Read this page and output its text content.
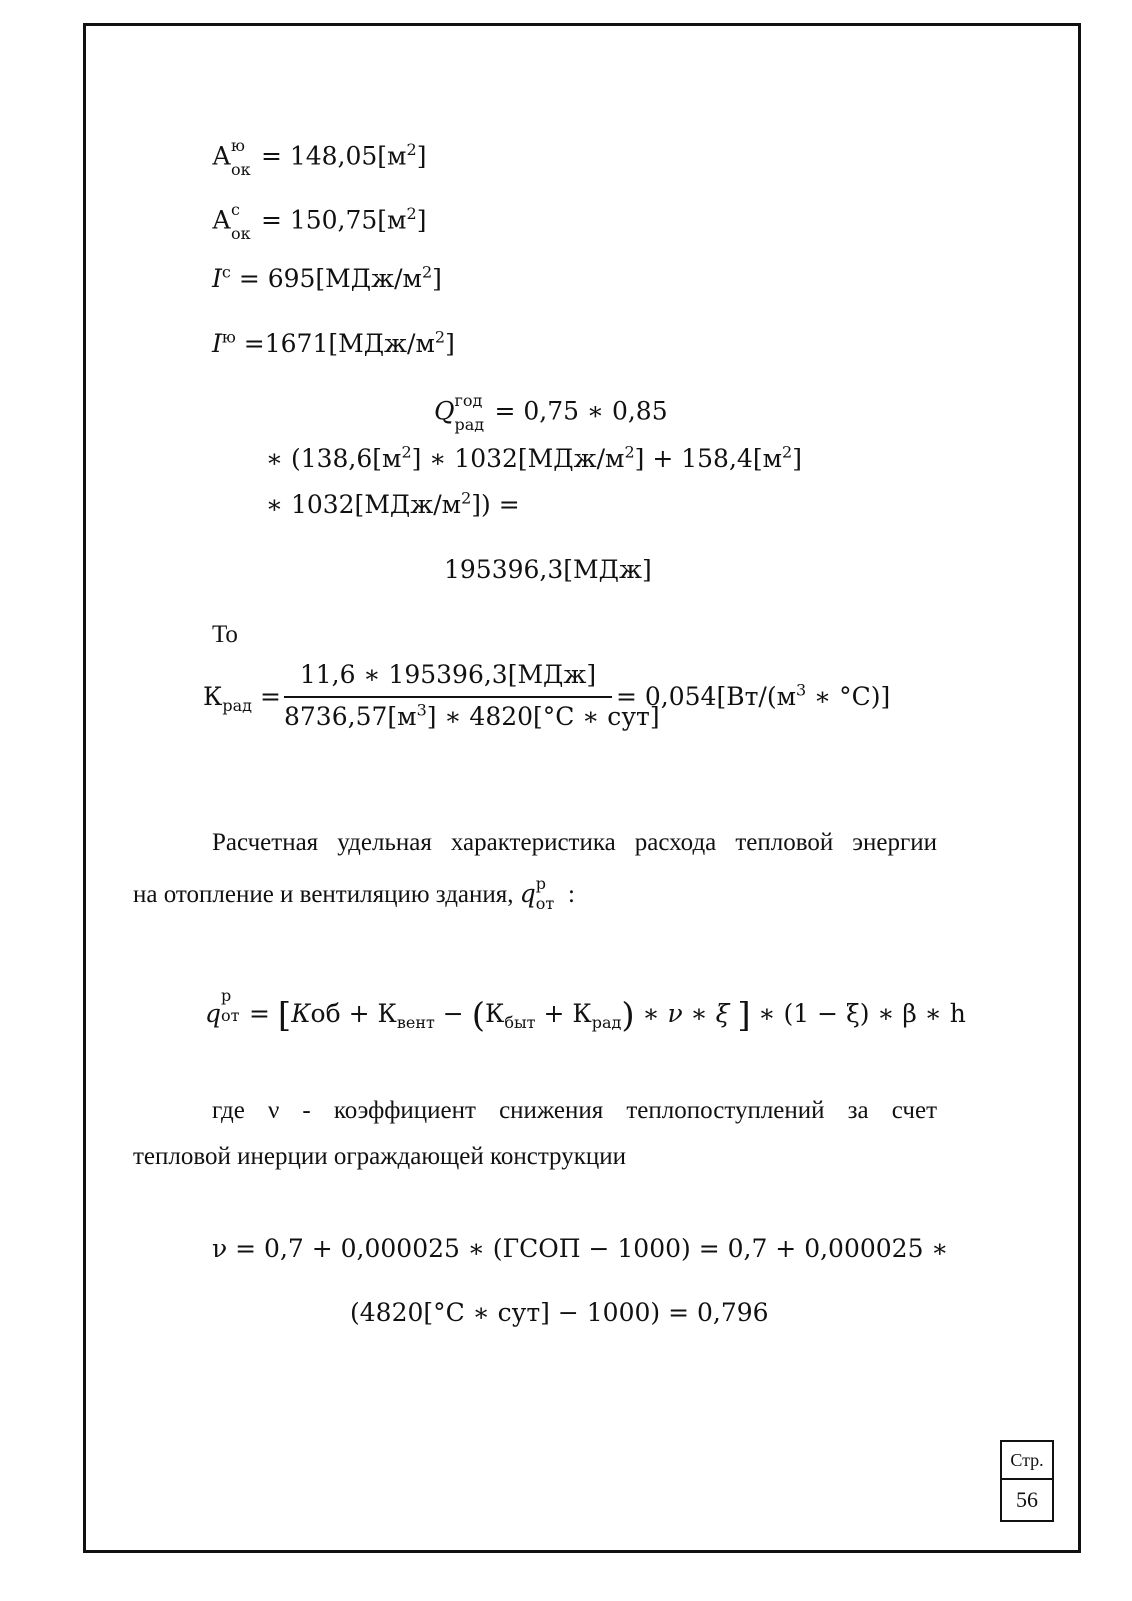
А ю
ок = $148,05[м^2]$
А с
ок = $150,75[м^2]$
$I^с = 695[МДж/м^2]$
$I^ю =1671[МДж/м^2]$
Q год
рад = 0,75 ∗ 0,85
∗ ($138,6[м^2]$ ∗ $1032[МДж/м^2] + 158,4[м^2]$
∗ $1032[МДж/м^2]$) =
195396,3[МДж]
То
$К_{рад}$ =
11,6 ∗ 195396,3[МДж]
$8736,57[м^3]$ ∗ 4820[°С ∗ сут]
= $0,054[Вт/(м^3$ ∗ °С)]
Расчетная удельная характеристика расхода тепловой энергии
на отопление и вентиляцию здания, q р
от :
q
р
от = [$Коб + К_{вент} - (К_{быт} + К_{рад})$ ∗ ν ∗ ξ ] ∗ (1 − ξ) ∗ β ∗ h
где ν - коэффициент снижения теплопоступлений за счет
тепловой инерции ограждающей конструкции
ν = 0,7 + 0,000025 ∗ (ГСОП − 1000) = 0,7 + 0,000025 ∗
(4820[°С ∗ сут] − 1000) = 0,796
Стр.
56
